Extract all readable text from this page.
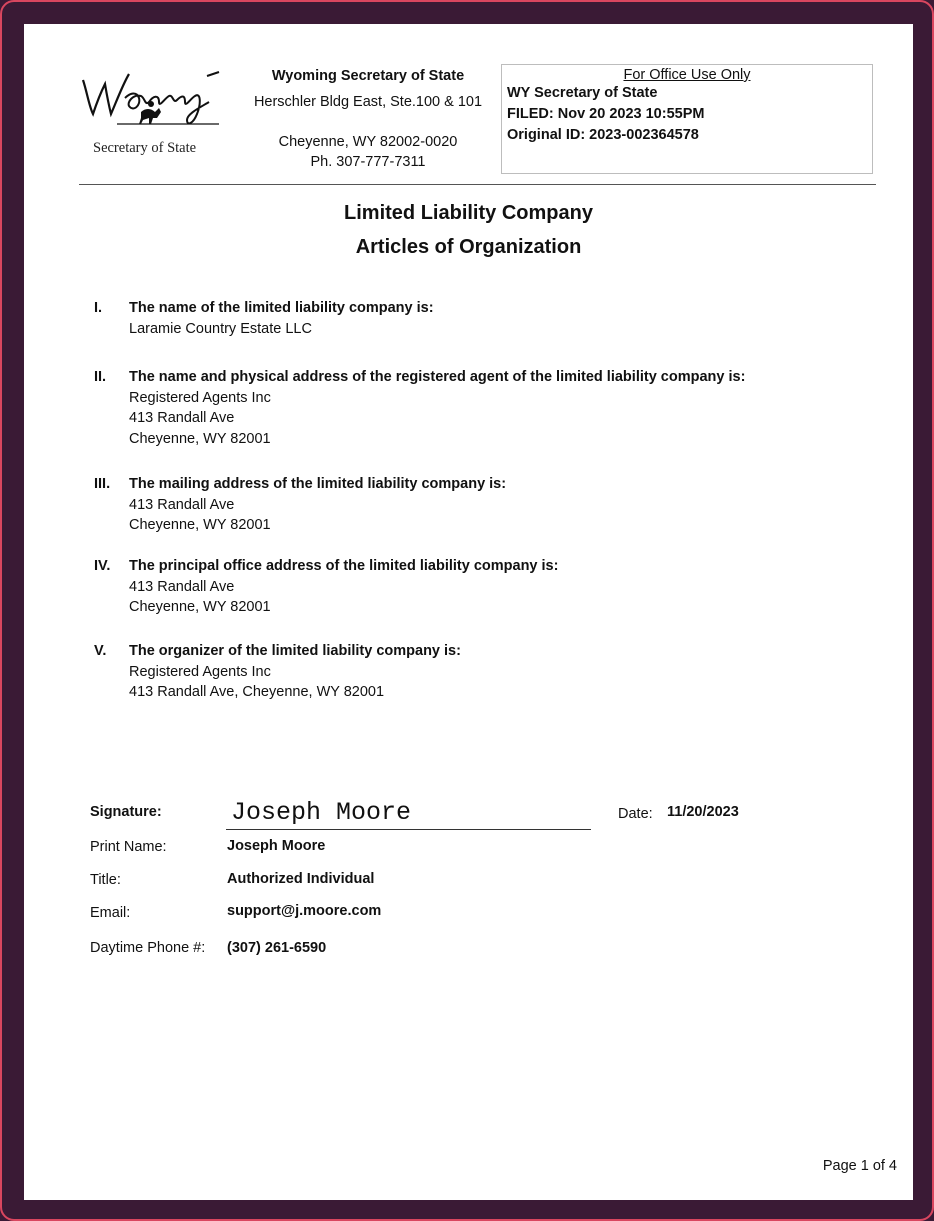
Secretary of State
Wyoming Secretary of State
Herschler Bldg East, Ste.100 & 101
Cheyenne, WY 82002-0020
Ph. 307-777-7311
For Office Use Only
WY Secretary of State
FILED: Nov 20 2023 10:55PM
Original ID: 2023-002364578
Limited Liability Company
Articles of Organization
I. The name of the limited liability company is:
Laramie Country Estate LLC
II. The name and physical address of the registered agent of the limited liability company is:
Registered Agents Inc
413 Randall Ave
Cheyenne, WY 82001
III. The mailing address of the limited liability company is:
413 Randall Ave
Cheyenne, WY 82001
IV. The principal office address of the limited liability company is:
413 Randall Ave
Cheyenne, WY 82001
V. The organizer of the limited liability company is:
Registered Agents Inc
413 Randall Ave, Cheyenne, WY 82001
Signature:	Joseph Moore	Date: 11/20/2023
Print Name:	Joseph Moore
Title:	Authorized Individual
Email:	support@j.moore.com
Daytime Phone #: (307) 261-6590
Page 1 of 4
